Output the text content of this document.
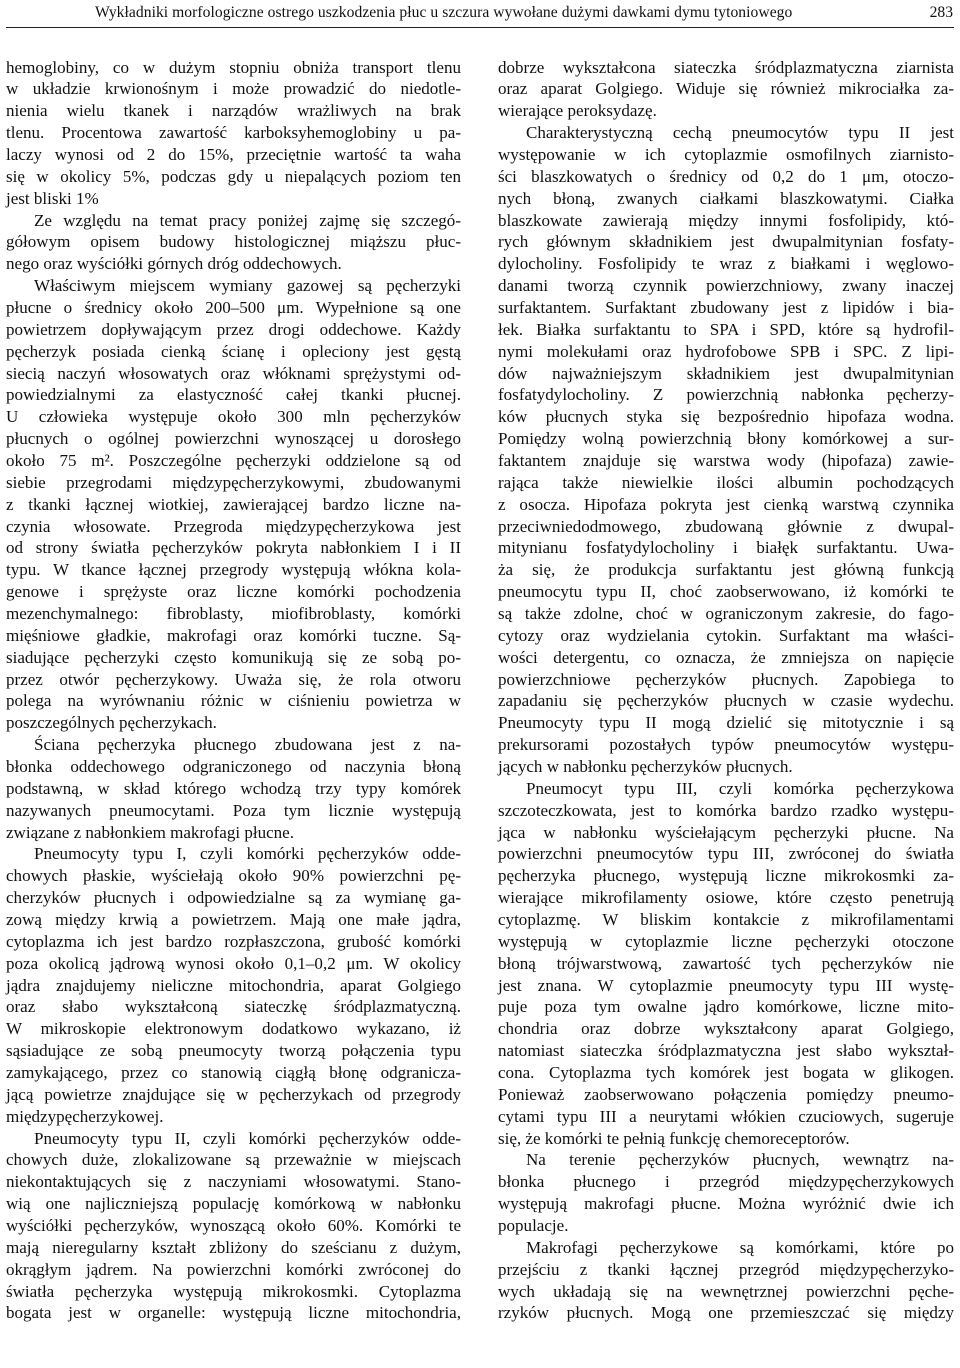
Wykładniki morfologiczne ostrego uszkodzenia płuc u szczura wywołane dużymi dawkami dymu tytoniowego	283
hemoglobiny, co w dużym stopniu obniża transport tlenu
w układzie krwionośnym i może prowadzić do niedotle-
nienia wielu tkanek i narządów wrażliwych na brak
tlenu. Procentowa zawartość karboksyhemoglobiny u pa-
laczy wynosi od 2 do 15%, przeciętnie wartość ta waha
się w okolicy 5%, podczas gdy u niepalących poziom ten
jest bliski 1%
Ze względu na temat pracy poniżej zajmę się szczegó-
gółowym opisem budowy histologicznej miąższu płuc-
nego oraz wyściółki górnych dróg oddechowych.
Właściwym miejscem wymiany gazowej są pęcherzyki
płucne o średnicy około 200–500 μm. Wypełnione są one
powietrzem dopływającym przez drogi oddechowe. Każdy
pęcherzyk posiada cienką ścianę i opleciony jest gęstą
siecią naczyń włosowatych oraz włóknami sprężystymi od-
powiedzialnymi za elastyczność całej tkanki płucnej.
U człowieka występuje około 300 mln pęcherzyków
płucnych o ogólnej powierzchni wynoszącej u dorosłego
około 75 m². Poszczególne pęcherzyki oddzielone są od
siebie przegrodami międzypęcherzykowymi, zbudowanymi
z tkanki łącznej wiotkiej, zawierającej bardzo liczne na-
czynia włosowate. Przegroda międzypęcherzykowa jest
od strony światła pęcherzyków pokryta nabłonkiem I i II
typu. W tkance łącznej przegrody występują włókna kola-
genowe i sprężyste oraz liczne komórki pochodzenia
mezenchymalnego: fibroblasty, miofibroblasty, komórki
mięśniowe gładkie, makrofagi oraz komórki tuczne. Są-
siadujące pęcherzyki często komunikują się ze sobą po-
przez otwór pęcherzykowy. Uważa się, że rola otworu
polega na wyrównaniu różnic w ciśnieniu powietrza w
poszczególnych pęcherzykach.
Ściana pęcherzyka płucnego zbudowana jest z na-
błonka oddechowego odgraniczonego od naczynia błoną
podstawną, w skład którego wchodzą trzy typy komórek
nazywanych pneumocytami. Poza tym licznie występują
związane z nabłonkiem makrofagi płucne.
Pneumocyty typu I, czyli komórki pęcherzyków odde-
chowych płaskie, wyściełają około 90% powierzchni pę-
cherzyków płucnych i odpowiedzialne są za wymianę ga-
zową między krwią a powietrzem. Mają one małe jądra,
cytoplazma ich jest bardzo rozpłaszczona, grubość komórki
poza okolicą jądrową wynosi około 0,1–0,2 μm. W okolicy
jądra znajdujemy nieliczne mitochondria, aparat Golgiego
oraz słabo wykształconą siateczkę śródplazmatyczną.
W mikroskopie elektronowym dodatkowo wykazano, iż
sąsiadujące ze sobą pneumocyty tworzą połączenia typu
zamykającego, przez co stanowią ciągłą błonę odgranicza-
jącą powietrze znajdujące się w pęcherzykach od przegrody
międzypęcherzykowej.
Pneumocyty typu II, czyli komórki pęcherzyków odde-
chowych duże, zlokalizowane są przeważnie w miejscach
niekontaktujących się z naczyniami włosowatymi. Stano-
wią one najliczniejszą populację komórkową w nabłonku
wyściółki pęcherzyków, wynoszącą około 60%. Komórki te
mają nieregularny kształt zbliżony do sześcianu z dużym,
okrągłym jądrem. Na powierzchni komórki zwróconej do
światła pęcherzyka występują mikrokosmki. Cytoplazma
bogata jest w organelle: występują liczne mitochondria,
dobrze wykształcona siateczka śródplazmatyczna ziarnista
oraz aparat Golgiego. Widuje się również mikrociałka za-
wierające peroksydazę.
Charakterystyczną cechą pneumocytów typu II jest
występowanie w ich cytoplazmie osmofilnych ziarnisto-
ści blaszkowatych o średnicy od 0,2 do 1 μm, otoczo-
nych błoną, zwanych ciałkami blaszkowatymi. Ciałka
blaszkowate zawierają między innymi fosfolipidy, któ-
rych głównym składnikiem jest dwupalmitynian fosfaty-
dylocholiny. Fosfolipidy te wraz z białkami i węglowo-
danami tworzą czynnik powierzchniowy, zwany inaczej
surfaktantem. Surfaktant zbudowany jest z lipidów i bia-
łek. Białka surfaktantu to SPA i SPD, które są hydrofil-
nymi molekułami oraz hydrofobowe SPB i SPC. Z lipi-
dów najważniejszym składnikiem jest dwupalmitynian
fosfatydylocholiny. Z powierzchnią nabłonka pęcherzy-
ków płucnych styka się bezpośrednio hipofaza wodna.
Pomiędzy wolną powierzchnią błony komórkowej a sur-
faktantem znajduje się warstwa wody (hipofaza) zawie-
rająca także niewielkie ilości albumin pochodzących
z osocza. Hipofaza pokryta jest cienką warstwą czynnika
przeciwniedodmowego, zbudowaną głównie z dwupal-
mitynianu fosfatydylocholiny i białęk surfaktantu. Uwa-
ża się, że produkcja surfaktantu jest główną funkcją
pneumocytu typu II, choć zaobserwowano, iż komórki te
są także zdolne, choć w ograniczonym zakresie, do fago-
cytozy oraz wydzielania cytokin. Surfaktant ma właści-
wości detergentu, co oznacza, że zmniejsza on napięcie
powierzchniowe pęcherzyków płucnych. Zapobiega to
zapadaniu się pęcherzyków płucnych w czasie wydechu.
Pneumocyty typu II mogą dzielić się mitotycznie i są
prekursorami pozostałych typów pneumocytów występu-
jących w nabłonku pęcherzyków płucnych.
Pneumocyt typu III, czyli komórka pęcherzykowa
szczoteczkowata, jest to komórka bardzo rzadko występu-
jąca w nabłonku wyściełającym pęcherzyki płucne. Na
powierzchni pneumocytów typu III, zwróconej do światła
pęcherzyka płucnego, występują liczne mikrokosmki za-
wierające mikrofilamenty osiowe, które często penetrują
cytoplazmę. W bliskim kontakcie z mikrofilamentami
występują w cytoplazmie liczne pęcherzyki otoczone
błoną trójwarstwową, zawartość tych pęcherzyków nie
jest znana. W cytoplazmie pneumocyty typu III wystę-
puje poza tym owalne jądro komórkowe, liczne mito-
chondria oraz dobrze wykształcony aparat Golgiego,
natomiast siateczka śródplazmatyczna jest słabo wykształ-
cona. Cytoplazma tych komórek jest bogata w glikogen.
Ponieważ zaobserwowano połączenia pomiędzy pneumo-
cytami typu III a neurytami włókien czuciowych, sugeruje
się, że komórki te pełnią funkcję chemoreceptorów.
Na terenie pęcherzyków płucnych, wewnątrz na-
błonka płucnego i przegród międzypęcherzykowych
występują makrofagi płucne. Można wyróżnić dwie ich
populacje.
Makrofagi pęcherzykowe są komórkami, które po
przejściu z tkanki łącznej przegród międzypęcherzyko-
wych układają się na wewnętrznej powierzchni pęche-
rzyków płucnych. Mogą one przemieszczać się między
